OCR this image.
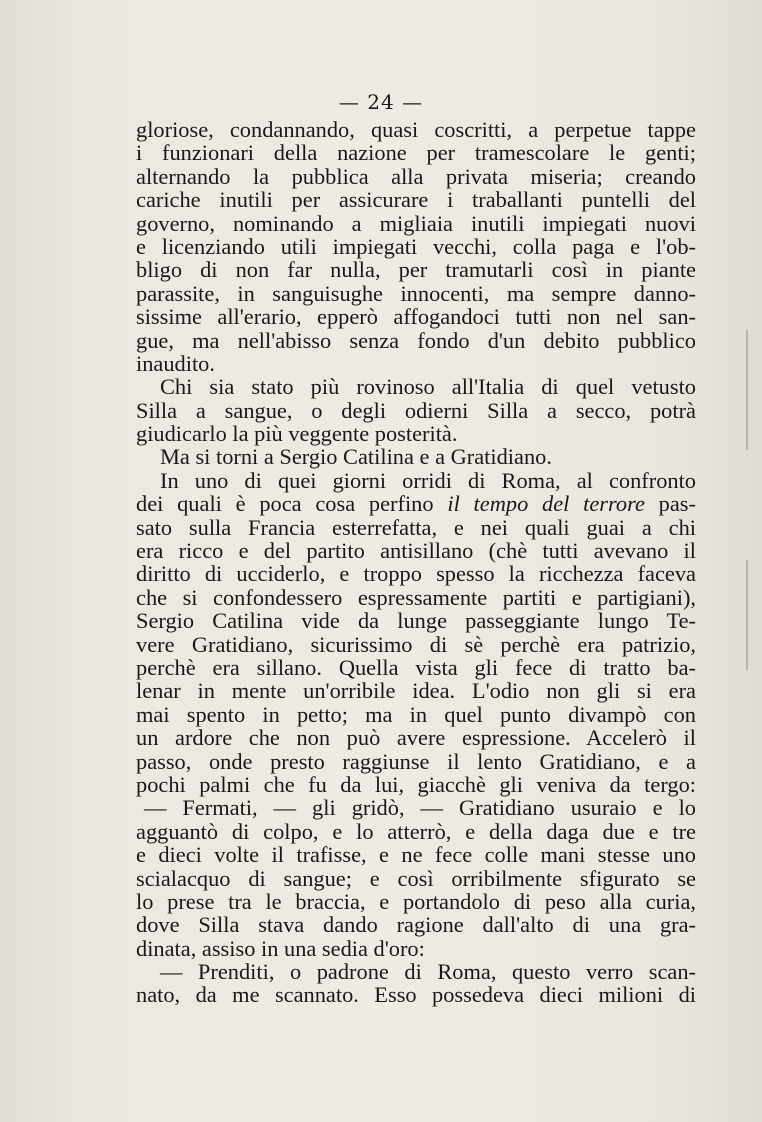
— 24 —
gloriose, condannando, quasi coscritti, a perpetue tappe
i funzionari della nazione per tramescolare le genti;
alternando la pubblica alla privata miseria; creando
cariche inutili per assicurare i traballanti puntelli del
governo, nominando a migliaia inutili impiegati nuovi
e licenziando utili impiegati vecchi, colla paga e l'ob-
bligo di non far nulla, per tramutarli così in piante
parassite, in sanguisughe innocenti, ma sempre danno-
sissime all'erario, epperò affogandoci tutti non nel san-
gue, ma nell'abisso senza fondo d'un debito pubblico
inaudito.
Chi sia stato più rovinoso all'Italia di quel vetusto
Silla a sangue, o degli odierni Silla a secco, potrà
giudicarlo la più veggente posterità.
Ma si torni a Sergio Catilina e a Gratidiano.
In uno di quei giorni orridi di Roma, al confronto
dei quali è poca cosa perfino il tempo del terrore pas-
sato sulla Francia esterrefatta, e nei quali guai a chi
era ricco e del partito antisillano (chè tutti avevano il
diritto di ucciderlo, e troppo spesso la ricchezza faceva
che si confondessero espressamente partiti e partigiani),
Sergio Catilina vide da lunge passeggiante lungo Te-
vere Gratidiano, sicurissimo di sè perchè era patrizio,
perchè era sillano. Quella vista gli fece di tratto ba-
lenar in mente un'orribile idea. L'odio non gli si era
mai spento in petto; ma in quel punto divampò con
un ardore che non può avere espressione. Accelerò il
passo, onde presto raggiunse il lento Gratidiano, e a
pochi palmi che fu da lui, giacchè gli veniva da tergo:
— Fermati, — gli gridò, — Gratidiano usuraio e lo
agguantò di colpo, e lo atterrò, e della daga due e tre
e dieci volte il trafisse, e ne fece colle mani stesse uno
scialacquo di sangue; e così orribilmente sfigurato se
lo prese tra le braccia, e portandolo di peso alla curia,
dove Silla stava dando ragione dall'alto di una gra-
dinata, assiso in una sedia d'oro:
— Prenditi, o padrone di Roma, questo verro scan-
nato, da me scannato. Esso possedeva dieci milioni di
